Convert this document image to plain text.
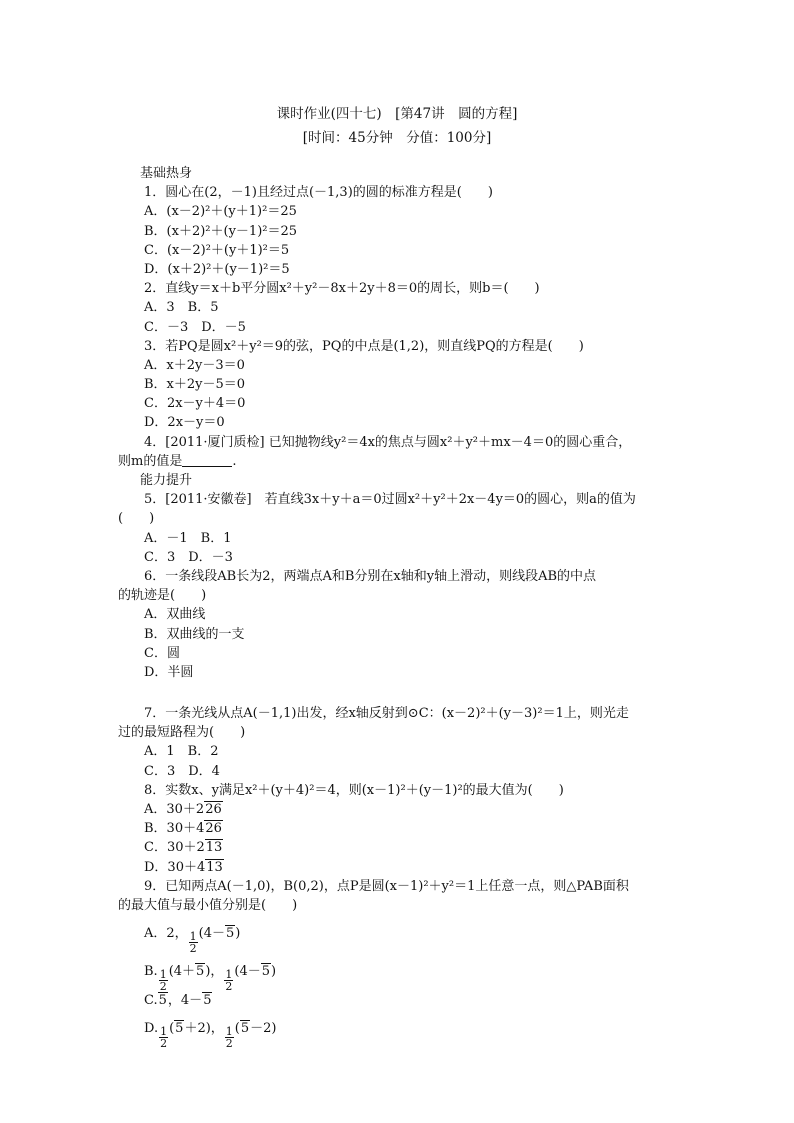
课时作业(四十七)　[第47讲　圆的方程]
[时间：45分钟　分值：100分]
基础热身
1．圆心在(2，－1)且经过点(－1,3)的圆的标准方程是(　　)
A．(x－2)²＋(y＋1)²＝25
B．(x＋2)²＋(y－1)²＝25
C．(x－2)²＋(y＋1)²＝5
D．(x＋2)²＋(y－1)²＝5
2．直线y＝x＋b平分圆x²＋y²－8x＋2y＋8＝0的周长，则b＝(　　)
A．3　B．5
C．－3　D．－5
3．若PQ是圆x²＋y²＝9的弦，PQ的中点是(1,2)，则直线PQ的方程是(　　)
A．x＋2y－3＝0
B．x＋2y－5＝0
C．2x－y＋4＝0
D．2x－y＝0
4．[2011·厦门质检] 已知抛物线y²＝4x的焦点与圆x²＋y²＋mx－4＝0的圆心重合，
则m的值是	.
能力提升
5．[2011·安徽卷]　若直线3x＋y＋a＝0过圆x²＋y²＋2x－4y＝0的圆心，则a的值为
(　　)
A．－1　B．1
C．3　D．－3
6．一条线段AB长为2，两端点A和B分别在x轴和y轴上滑动，则线段AB的中点
的轨迹是(　　)
A．双曲线
B．双曲线的一支
C．圆
D．半圆
7．一条光线从点A(－1,1)出发，经x轴反射到⊙C：(x－2)²＋(y－3)²＝1上，则光走
过的最短路程为(　　)
A．1　B．2
C．3　D．4
8．实数x、y满足x²＋(y＋4)²＝4，则(x－1)²＋(y－1)²的最大值为(　　)
A．30＋226
B．30＋426
C．30＋213
D．30＋413
9．已知两点A(－1,0)，B(0,2)，点P是圆(x－1)²＋y²＝1上任意一点，则△PAB面积
的最大值与最小值分别是(　　)
A．2， $\frac{1}{2} (4-5)$
B. $\frac{1}{2} (4+5)$， $\frac{1}{2} (4-5)$
C.5，4－5
D. $\frac{1}{2} (5+2)$， $\frac{1}{2} (5-2)$
